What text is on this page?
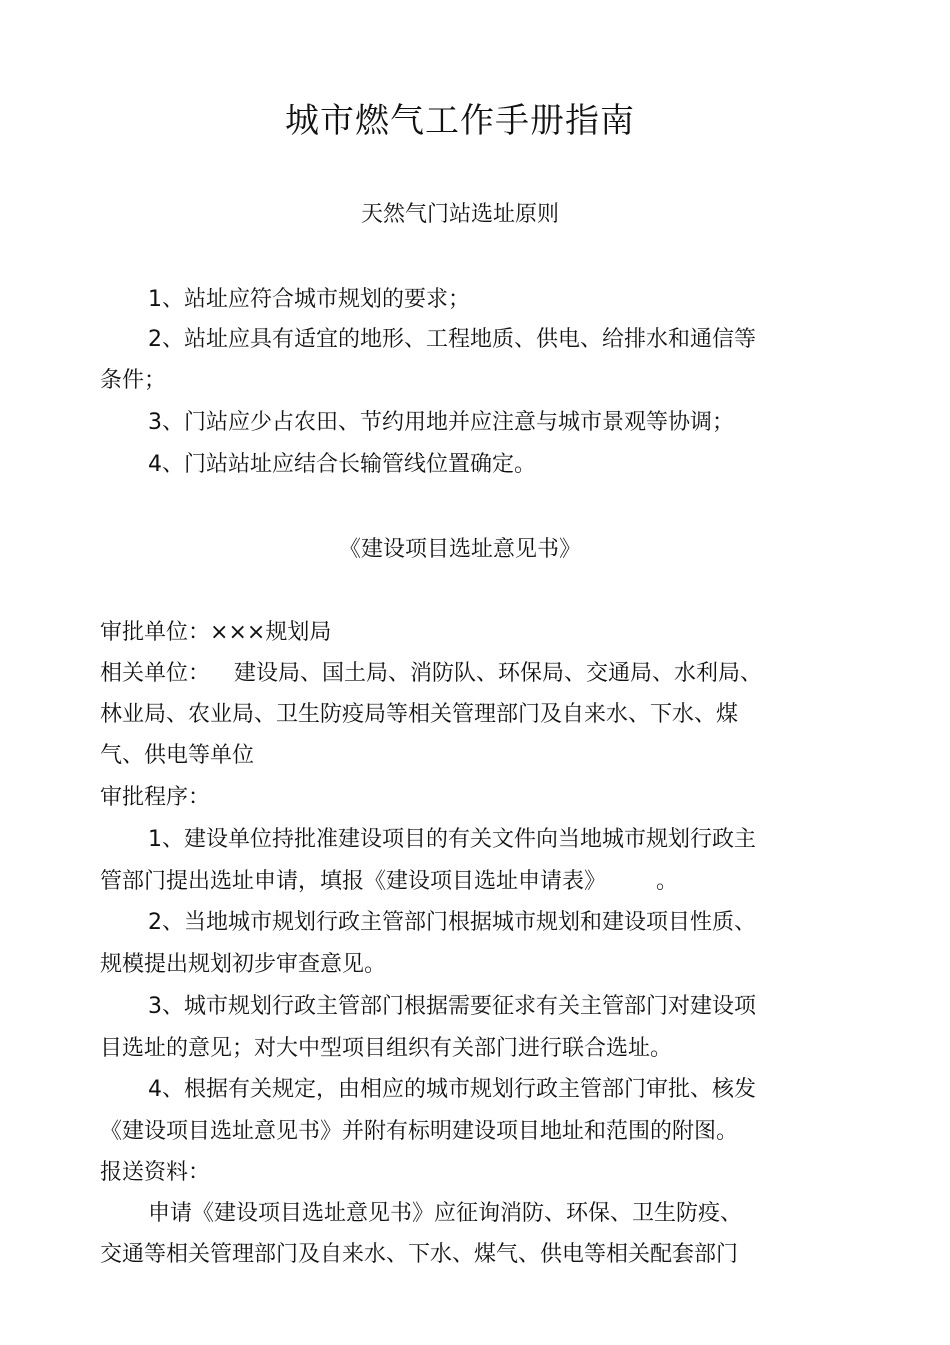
城市燃气工作手册指南
天然气门站选址原则
1、站址应符合城市规划的要求；
2、站址应具有适宜的地形、工程地质、供电、给排水和通信等
条件；
3、门站应少占农田、节约用地并应注意与城市景观等协调；
4、门站站址应结合长输管线位置确定。
《建设项目选址意见书》
审批单位：×××规划局
相关单位： 建设局、国土局、消防队、环保局、交通局、水利局、
林业局、农业局、卫生防疫局等相关管理部门及自来水、下水、煤
气、供电等单位
审批程序：
1、建设单位持批准建设项目的有关文件向当地城市规划行政主
管部门提出选址申请，填报《建设项目选址申请表》 。
2、当地城市规划行政主管部门根据城市规划和建设项目性质、
规模提出规划初步审查意见。
3、城市规划行政主管部门根据需要征求有关主管部门对建设项
目选址的意见；对大中型项目组织有关部门进行联合选址。
4、根据有关规定，由相应的城市规划行政主管部门审批、核发
《建设项目选址意见书》并附有标明建设项目地址和范围的附图。
报送资料：
申请《建设项目选址意见书》应征询消防、环保、卫生防疫、
交通等相关管理部门及自来水、下水、煤气、供电等相关配套部门
